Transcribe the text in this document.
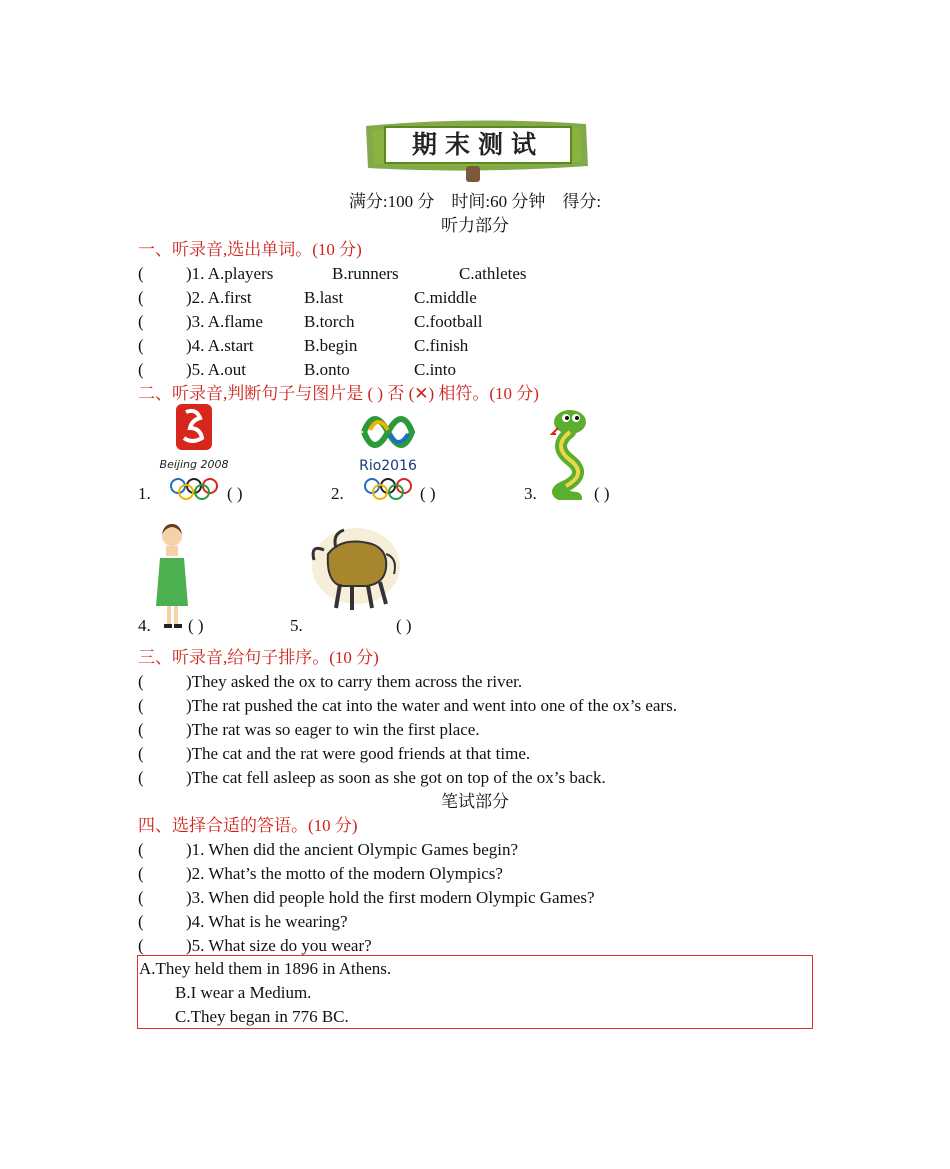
期末测试
满分:100 分　时间:60 分钟　得分:
听力部分
一、听录音,选出单词。(10 分)
( )1. A.players	B.runners	C.athletes
( )2. A.first	B.last	C.middle
( )3. A.flame B.torch	C.football
( )4. A.start	B.begin	C.finish
( )5. A.out	B.onto	C.into
二、听录音,判断句子与图片是 ( ) 否 (✕) 相符。(10 分)
Beijing 2008
1.	( )	2.	( )	3.	( )
Rio2016
4. ( )	5.	( )
三、听录音,给句子排序。(10 分)
( )They asked the ox to carry them across the river.
( )The rat pushed the cat into the water and went into one of the ox’s ears.
( )The rat was so eager to win the first place.
( )The cat and the rat were good friends at that time.
( )The cat fell asleep as soon as she got on top of the ox’s back.
笔试部分
四、选择合适的答语。(10 分)
( )1. When did the ancient Olympic Games begin?
( )2. What’s the motto of the modern Olympics?
( )3. When did people hold the first modern Olympic Games?
( )4. What is he wearing?
( )5. What size do you wear?
A.They held them in 1896 in Athens.
B.I wear a Medium.
C.They began in 776 BC.
